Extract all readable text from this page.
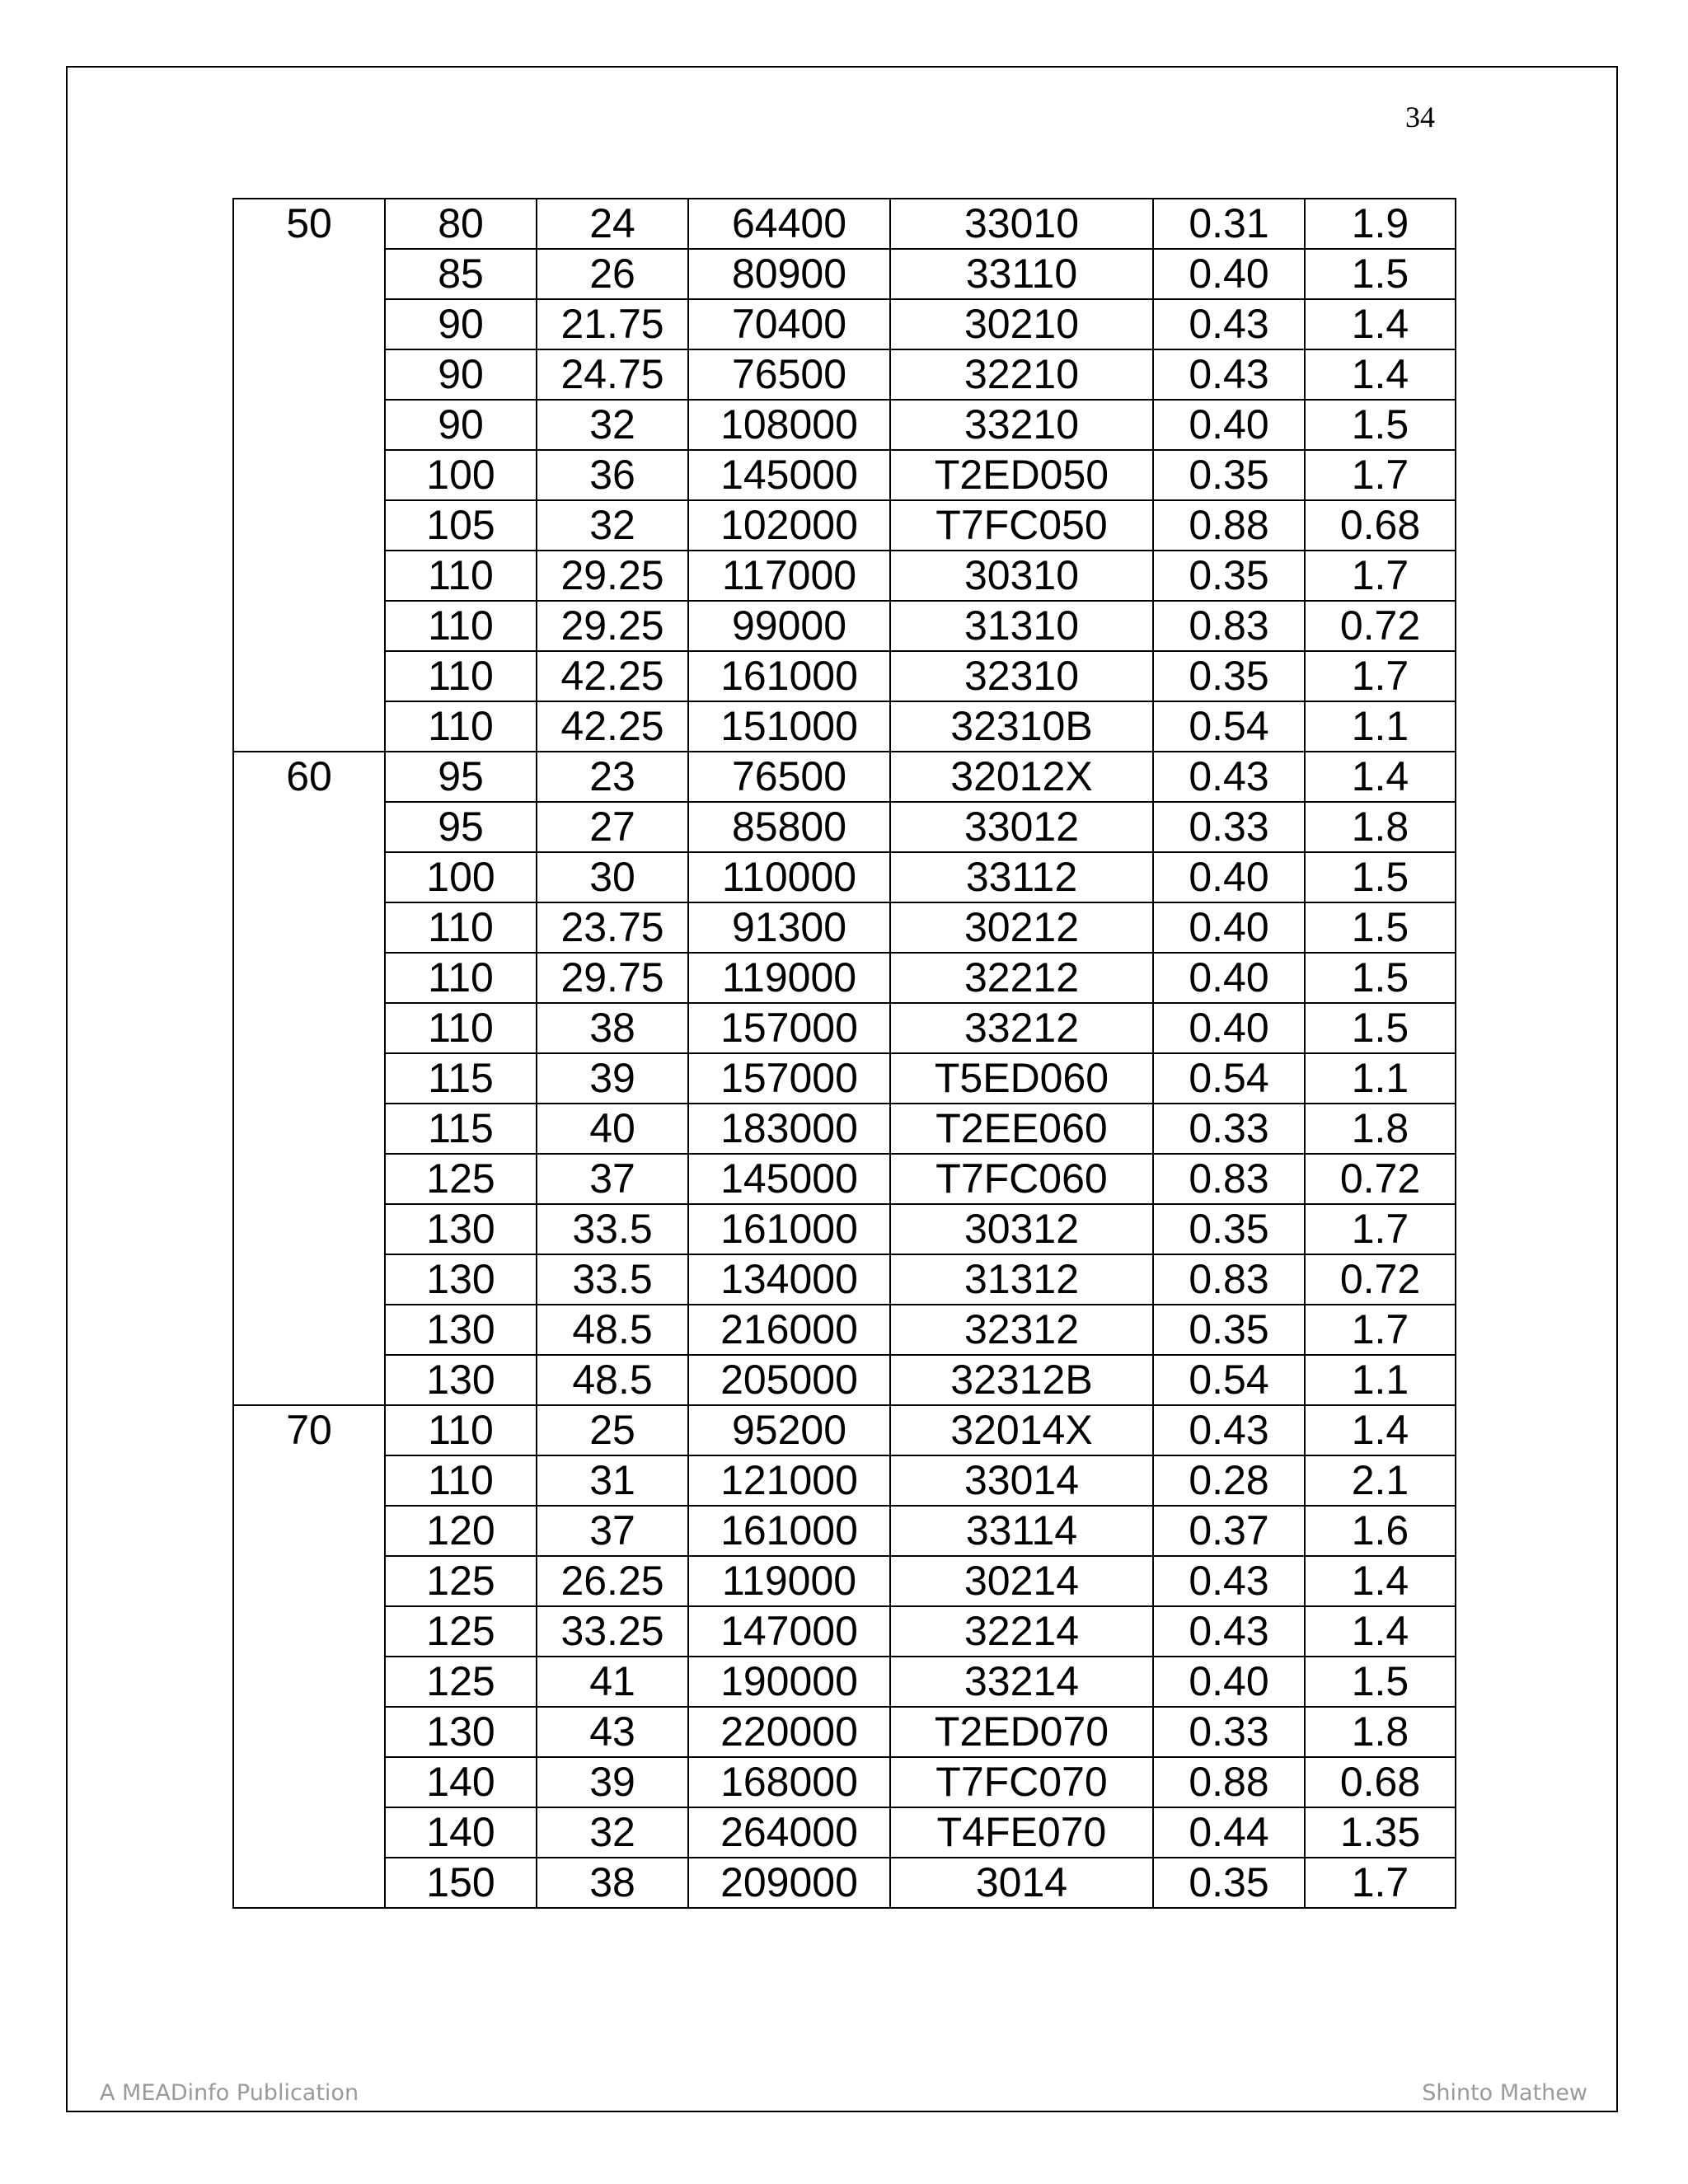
34
50	80	24	64400	33010	0.31	1.9
	85	26	80900	33110	0.40	1.5
	90	21.75	70400	30210	0.43	1.4
	90	24.75	76500	32210	0.43	1.4
	90	32	108000	33210	0.40	1.5
	100	36	145000	T2ED050	0.35	1.7
	105	32	102000	T7FC050	0.88	0.68
	110	29.25	117000	30310	0.35	1.7
	110	29.25	99000	31310	0.83	0.72
	110	42.25	161000	32310	0.35	1.7
	110	42.25	151000	32310B	0.54	1.1
60	95	23	76500	32012X	0.43	1.4
	95	27	85800	33012	0.33	1.8
	100	30	110000	33112	0.40	1.5
	110	23.75	91300	30212	0.40	1.5
	110	29.75	119000	32212	0.40	1.5
	110	38	157000	33212	0.40	1.5
	115	39	157000	T5ED060	0.54	1.1
	115	40	183000	T2EE060	0.33	1.8
	125	37	145000	T7FC060	0.83	0.72
	130	33.5	161000	30312	0.35	1.7
	130	33.5	134000	31312	0.83	0.72
	130	48.5	216000	32312	0.35	1.7
	130	48.5	205000	32312B	0.54	1.1
70	110	25	95200	32014X	0.43	1.4
	110	31	121000	33014	0.28	2.1
	120	37	161000	33114	0.37	1.6
	125	26.25	119000	30214	0.43	1.4
	125	33.25	147000	32214	0.43	1.4
	125	41	190000	33214	0.40	1.5
	130	43	220000	T2ED070	0.33	1.8
	140	39	168000	T7FC070	0.88	0.68
	140	32	264000	T4FE070	0.44	1.35
	150	38	209000	3014	0.35	1.7
A MEADinfo Publication	Shinto Mathew
